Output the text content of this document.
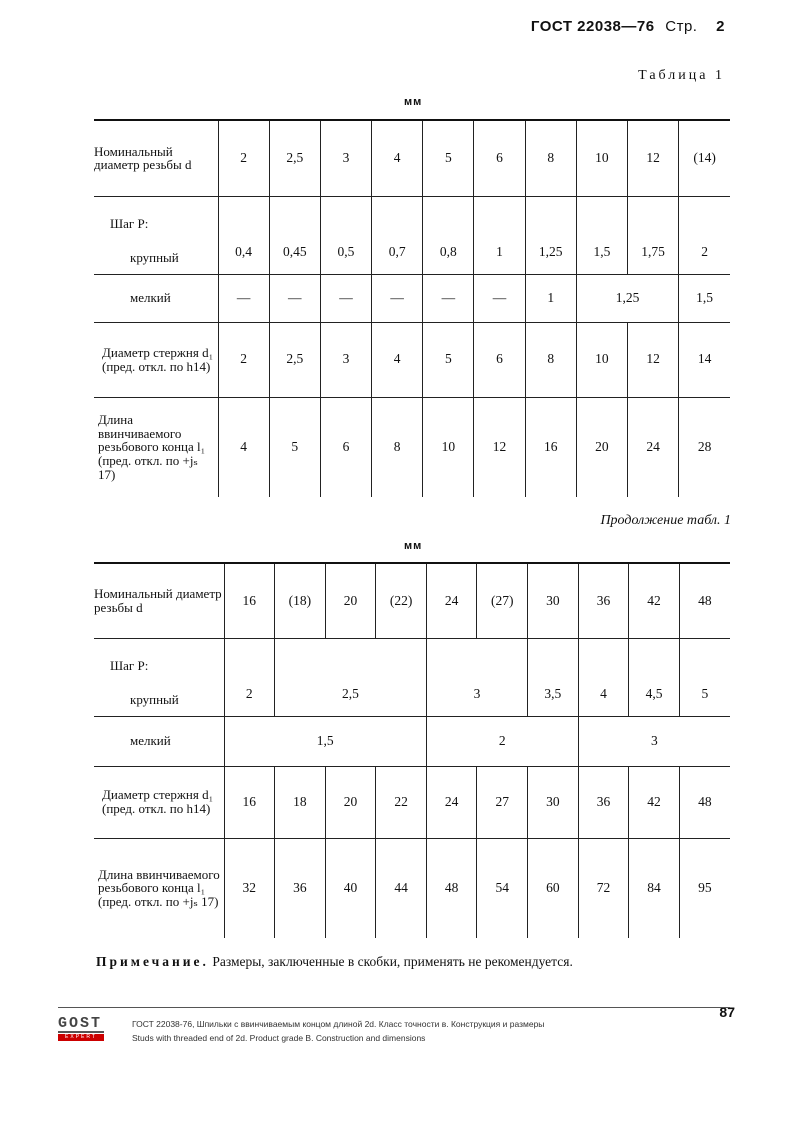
ГОСТ 22038—76 Стр. 2
Таблица 1
мм
Номинальный диаметр резьбы d	2	2,5	3	4	5	6	8	10	12	(14)

Шаг P:
крупный	0,4	0,45	0,5	0,7	0,8	1	1,25	1,5	1,75	2
мелкий	—	—	—	—	—	—	1	1,25		1,5
Диаметр стержня d₁ (пред. откл. по h14)	2	2,5	3	4	5	6	8	10	12	14
Длина ввинчиваемого резьбового конца l₁ (пред. откл. по +jₛ 17)	4	5	6	8	10	12	16	20	24	28
Продолжение табл. 1
мм
Номинальный диаметр резьбы d	16	(18)	20	(22)	24	(27)	30	36	42	48

Шаг P:
крупный	2	2,5			3		3,5	4	4,5	5
мелкий	1,5				2			3		
Диаметр стержня d₁ (пред. откл. по h14)	16	18	20	22	24	27	30	36	42	48
Длина ввинчиваемого резьбового конца l₁ (пред. откл. по +jₛ 17)	32	36	40	44	48	54	60	72	84	95
Примечание. Размеры, заключенные в скобки, применять не рекомендуется.
87
GOST
EXPERT
ГОСТ 22038-76, Шпильки с ввинчиваемым концом длиной 2d. Класс точности в. Конструкция и размеры
Studs with threaded end of 2d. Product grade B. Construction and dimensions
